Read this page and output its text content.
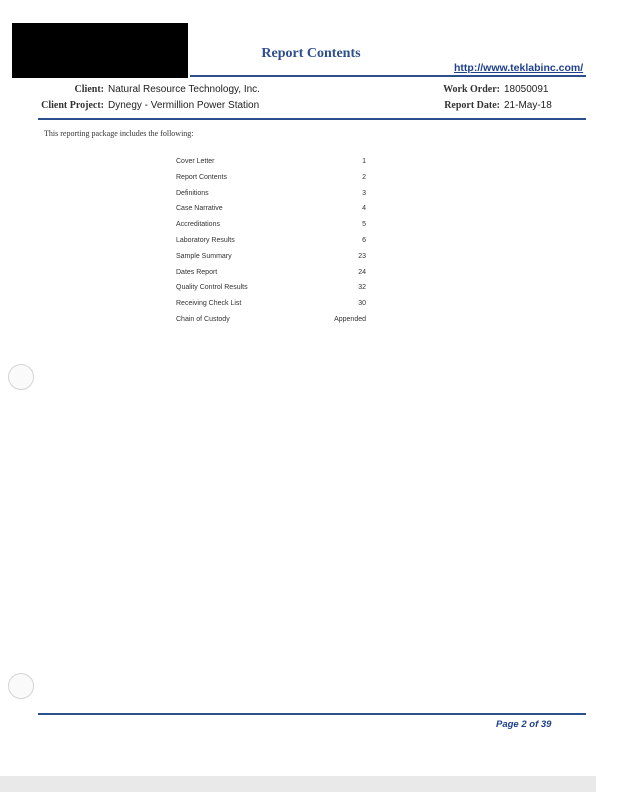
Report Contents
http://www.teklabinc.com/
Client: Natural Resource Technology, Inc.
Client Project: Dynegy - Vermillion Power Station
Work Order: 18050091
Report Date: 21-May-18
This reporting package includes the following:
Cover Letter	1
Report Contents	2
Definitions	3
Case Narrative	4
Accreditations	5
Laboratory Results	6
Sample Summary	23
Dates Report	24
Quality Control Results	32
Receiving Check List	30
Chain of Custody	Appended
Page 2 of 39
